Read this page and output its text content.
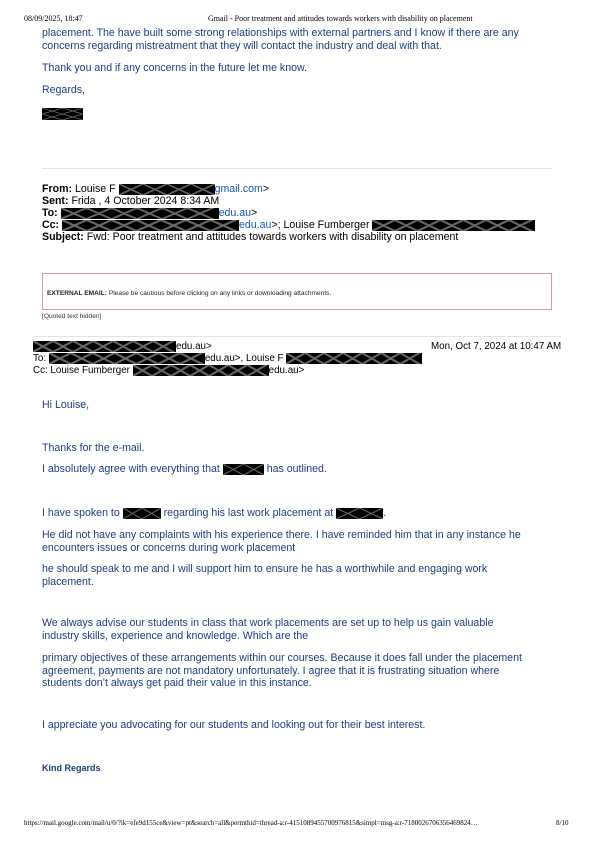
08/09/2025, 18:47	Gmail - Poor treatment and attitudes towards workers with disability on placement
placement. The have built some strong relationships with external partners and I know if there are any
concerns regarding mistreatment that they will contact the industry and deal with that.
Thank you and if any concerns in the future let me know.
Regards,
From: Louise F	gmail.com>
Sent: Frida , 4 October 2024 8:34 AM
To:	edu.au>
Cc:	edu.au>; Louise Fumberger
Subject: Fwd: Poor treatment and attitudes towards workers with disability on placement
EXTERNAL EMAIL: Please be cautious before clicking on any links or downloading attachments.
[Quoted text hidden]
edu.au>	Mon, Oct 7, 2024 at 10:47 AM
To:	edu.au>, Louise F
Cc: Louise Fumberger	edu.au>
Hi Louise,
Thanks for the e-mail.
I absolutely agree with everything that	has outlined.
I have spoken to	regarding his last work placement at	.
He did not have any complaints with his experience there. I have reminded him that in any instance he
encounters issues or concerns during work placement
he should speak to me and I will support him to ensure he has a worthwhile and engaging work
placement.
We always advise our students in class that work placements are set up to help us gain valuable
industry skills, experience and knowledge. Which are the
primary objectives of these arrangements within our courses. Because it does fall under the placement
agreement, payments are not mandatory unfortunately. I agree that it is frustrating situation where
students don’t always get paid their value in this instance.
I appreciate you advocating for our students and looking out for their best interest.
Kind Regards
https://mail.google.com/mail/u/0/?ik=efe9d155ce&view=pt&search=all&permthid=thread-a:r-4151089455700976815&simpl=msg-a:r-7180026706356469824…	8/10
